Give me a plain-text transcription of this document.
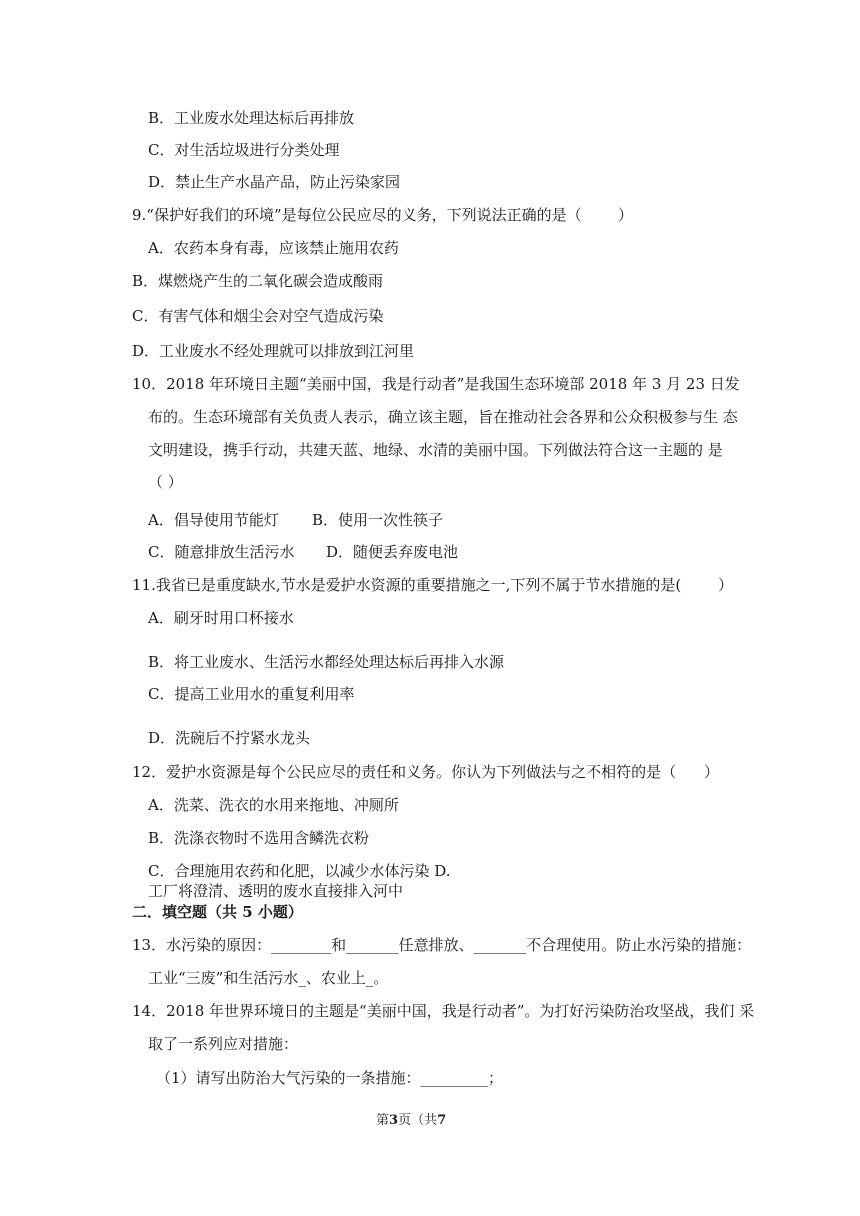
B．工业废水处理达标后再排放
C．对生活垃圾进行分类处理
D．禁止生产水晶产品，防止污染家园
9.“保护好我们的环境”是每位公民应尽的义务，下列说法正确的是（ ）
A．农药本身有毒，应该禁止施用农药
B．煤燃烧产生的二氧化碳会造成酸雨
C．有害气体和烟尘会对空气造成污染
D．工业废水不经处理就可以排放到江河里
10．2018 年环境日主题“美丽中国，我是行动者”是我国生态环境部 2018 年 3 月 23 日发
布的。生态环境部有关负责人表示，确立该主题，旨在推动社会各界和公众积极参与生 态
文明建设，携手行动，共建天蓝、地绿、水清的美丽中国。下列做法符合这一主题的 是
（ ）
A．倡导使用节能灯 B．使用一次性筷子
C．随意排放生活污水 D．随便丢弃废电池
11.我省已是重度缺水,节水是爱护水资源的重要措施之一,下列不属于节水措施的是( ）
A．刷牙时用口杯接水
B．将工业废水、生活污水都经处理达标后再排入水源
C．提高工业用水的重复利用率
D．洗碗后不拧紧水龙头
12．爱护水资源是每个公民应尽的责任和义务。你认为下列做法与之不相符的是（ ）
A．洗菜、洗衣的水用来拖地、冲厕所
B．洗涤衣物时不选用含鳞洗衣粉
C．合理施用农药和化肥，以减少水体污染 D.
工厂将澄清、透明的废水直接排入河中
二．填空题（共 5 小题）
13．水污染的原因：________和_______任意排放、_______不合理使用。防止水污染的措施：
工业“三废”和生活污水_、农业上_。
14．2018 年世界环境日的主题是“美丽中国，我是行动者”。为打好污染防治攻坚战，我们 采
取了一系列应对措施：
（1）请写出防治大气污染的一条措施：_________；
第3页（共7
